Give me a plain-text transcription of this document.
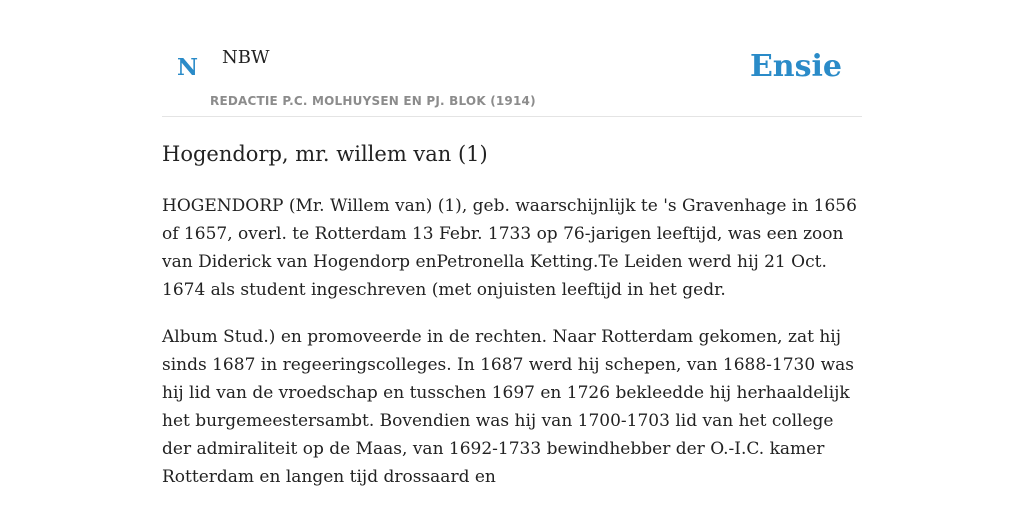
N NBW
REDACTIE P.C. MOLHUYSEN EN PJ. BLOK (1914)
Ensie
Hogendorp, mr. willem van (1)

HOGENDORP (Mr. Willem van) (1), geb. waarschijnlijk te 's Gravenhage in 1656 of 1657, overl. te Rotterdam 13 Febr. 1733 op 76-jarigen leeftijd, was een zoon van Diderick van Hogendorp enPetronella Ketting.Te Leiden werd hij 21 Oct. 1674 als student ingeschreven (met onjuisten leeftijd in het gedr.

Album Stud.) en promoveerde in de rechten. Naar Rotterdam gekomen, zat hij sinds 1687 in regeeringscolleges. In 1687 werd hij schepen, van 1688-1730 was hij lid van de vroedschap en tusschen 1697 en 1726 bekleedde hij herhaaldelijk het burgemeestersambt. Bovendien was hij van 1700-1703 lid van het college der admiraliteit op de Maas, van 1692-1733 bewindhebber der O.-I.C. kamer Rotterdam en langen tijd drossaard en
